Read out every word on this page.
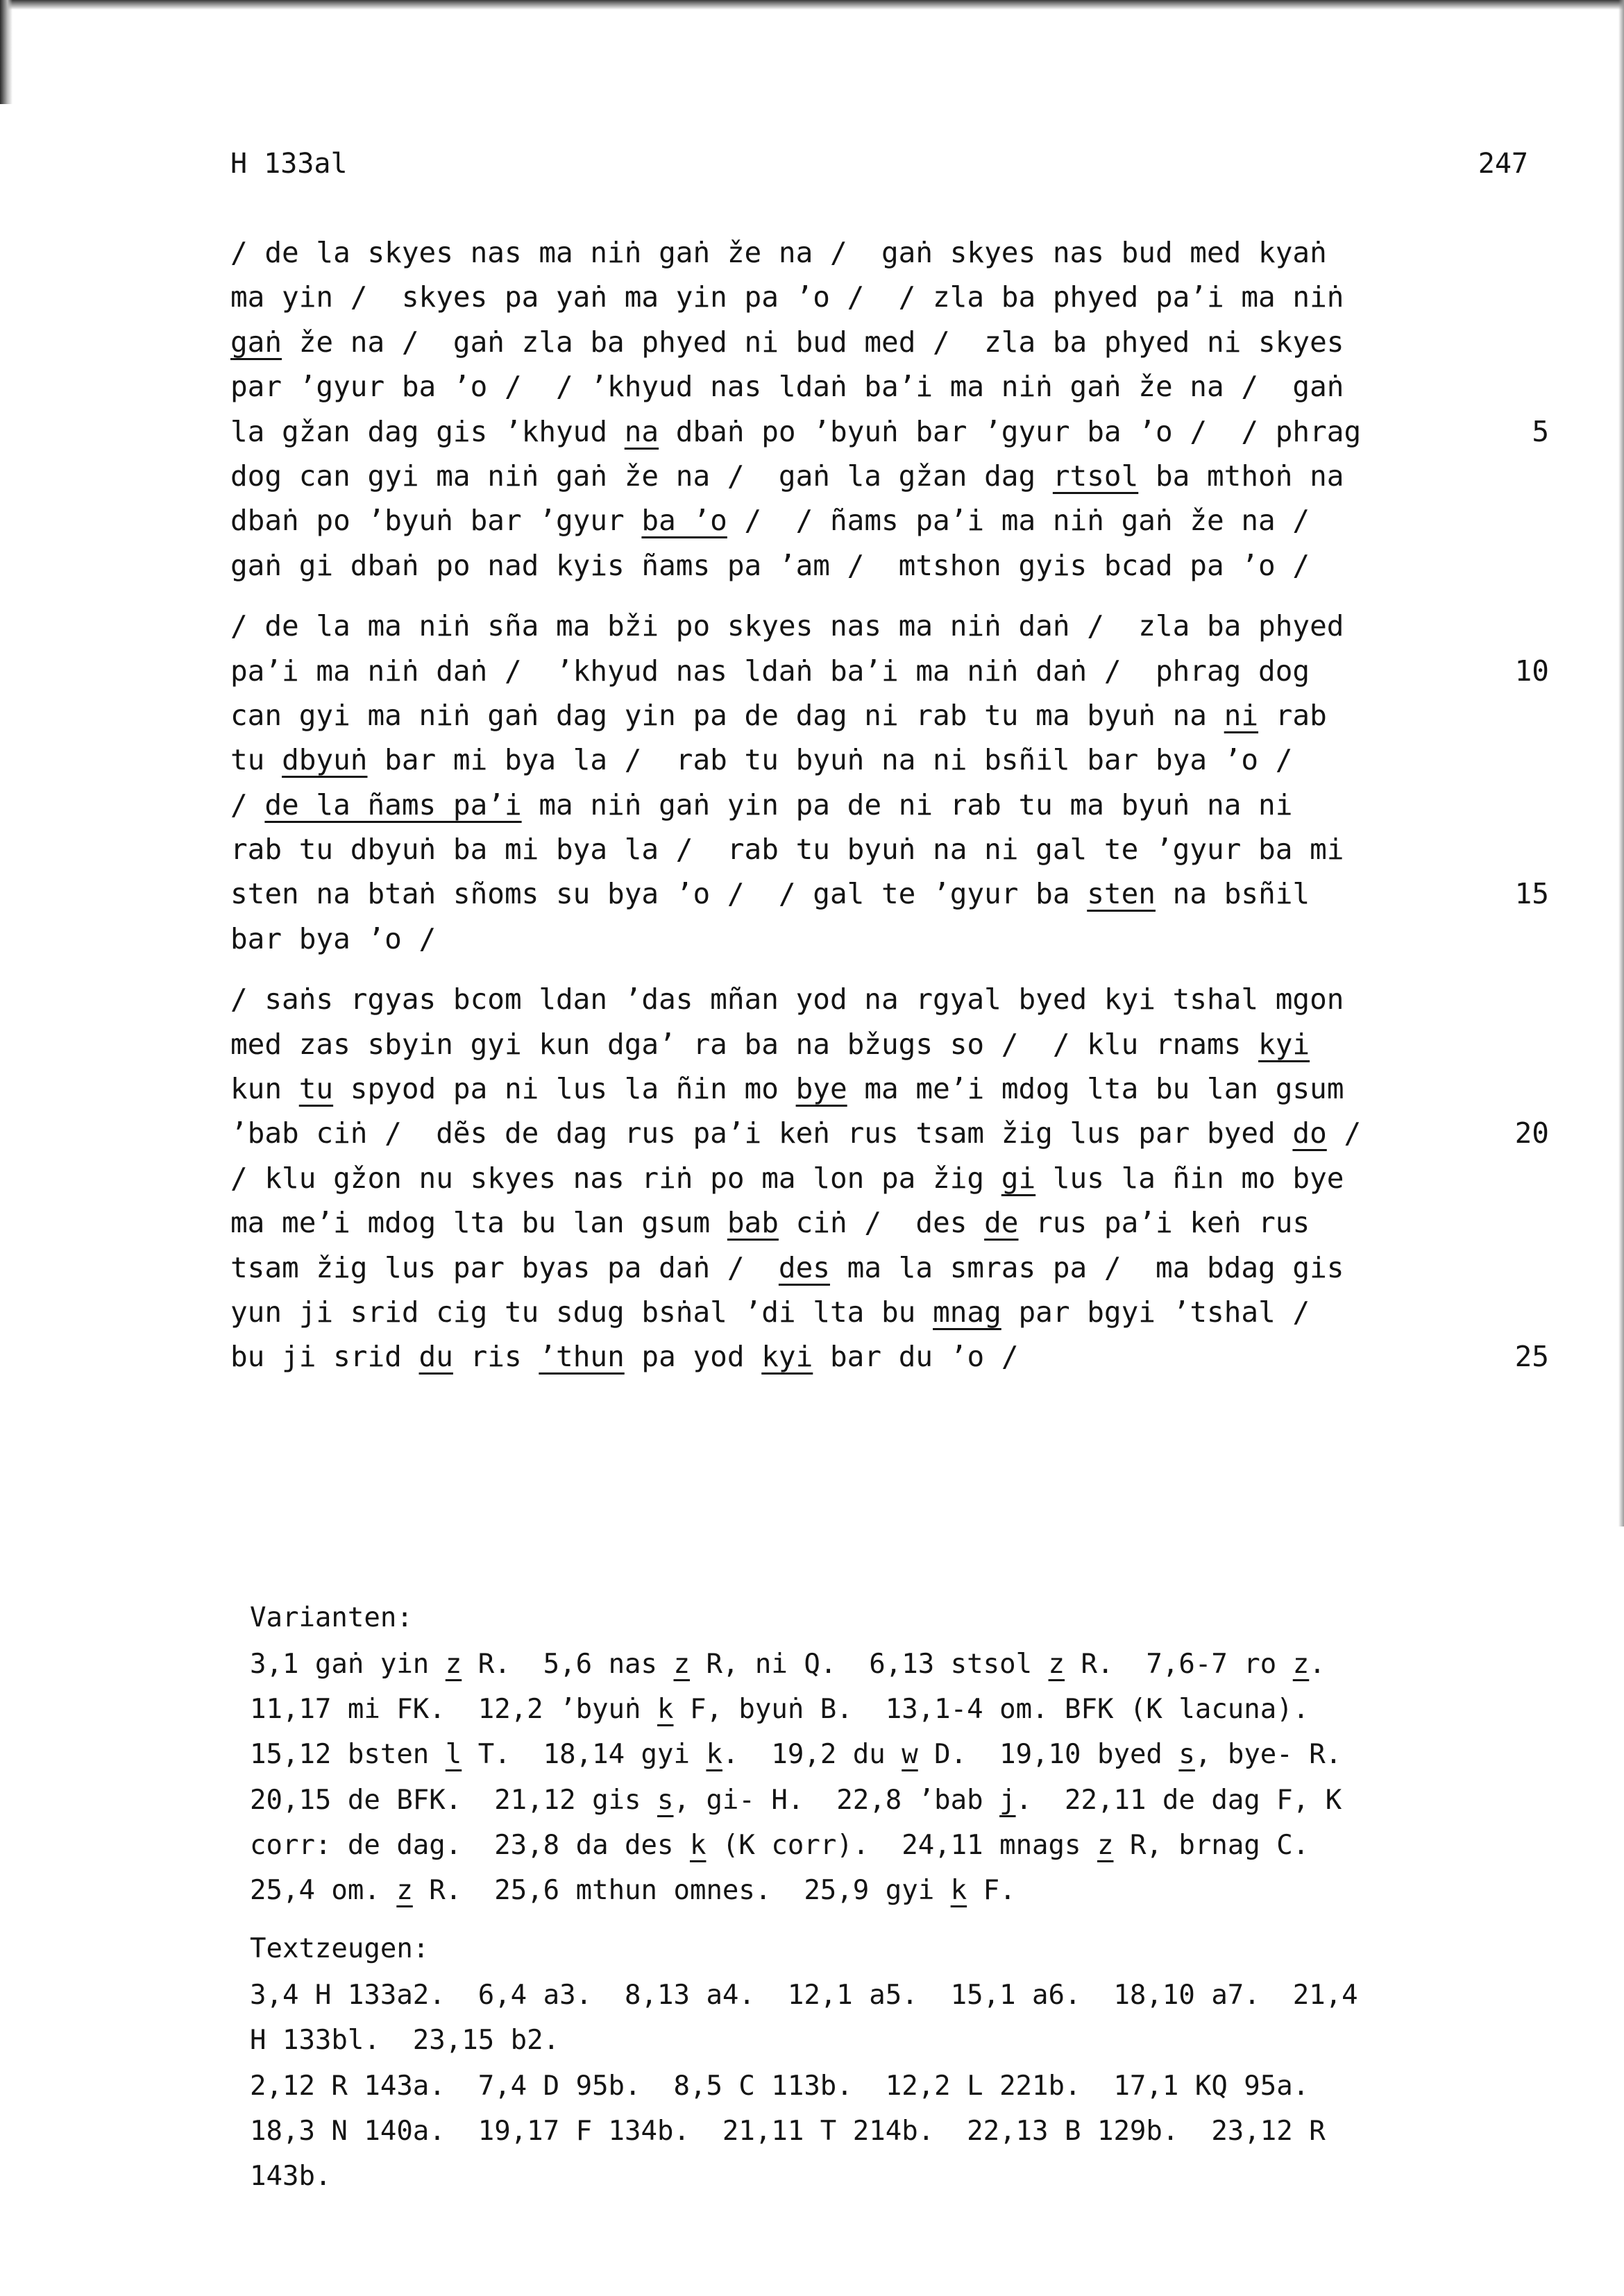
H 133al	247
/ de la skyes nas ma niṅ gaṅ že na /  gaṅ skyes nas bud med kyaṅ
ma yin /  skyes pa yaṅ ma yin pa ’o /  / zla ba phyed pa’i ma niṅ
gaṅ že na /  gaṅ zla ba phyed ni bud med /  zla ba phyed ni skyes
par ’gyur ba ’o /  / ’khyud nas ldaṅ ba’i ma niṅ gaṅ že na /  gaṅ
la gžan dag gis ’khyud na dbaṅ po ’byuṅ bar ’gyur ba ’o /  / phrag	5
dog can gyi ma niṅ gaṅ že na /  gaṅ la gžan dag rtsol ba mthoṅ na
dbaṅ po ’byuṅ bar ’gyur ba ’o /  / ñams pa’i ma niṅ gaṅ že na /
gaṅ gi dbaṅ po nad kyis ñams pa ’am /  mtshon gyis bcad pa ’o /
/ de la ma niṅ sña ma bži po skyes nas ma niṅ daṅ /  zla ba phyed
pa’i ma niṅ daṅ /  ’khyud nas ldaṅ ba’i ma niṅ daṅ /  phrag dog	10
can gyi ma niṅ gaṅ dag yin pa de dag ni rab tu ma byuṅ na ni rab
tu dbyuṅ bar mi bya la /  rab tu byuṅ na ni bsñil bar bya ’o /
/ de la ñams pa’i ma niṅ gaṅ yin pa de ni rab tu ma byuṅ na ni
rab tu dbyuṅ ba mi bya la /  rab tu byuṅ na ni gal te ’gyur ba mi
sten na btaṅ sñoms su bya ’o /  / gal te ’gyur ba sten na bsñil	15
bar bya ’o /
/ saṅs rgyas bcom ldan ’das mñan yod na rgyal byed kyi tshal mgon
med zas sbyin gyi kun dga’ ra ba na bžugs so /  / klu rnams kyi
kun tu spyod pa ni lus la ñin mo bye ma me’i mdog lta bu lan gsum
’bab ciṅ /  dẽs de dag rus pa’i keṅ rus tsam žig lus par byed do /	20
/ klu gžon nu skyes nas riṅ po ma lon pa žig gi lus la ñin mo bye
ma me’i mdog lta bu lan gsum bab ciṅ /  des de rus pa’i keṅ rus
tsam žig lus par byas pa daṅ /  des ma la smras pa /  ma bdag gis
yun ji srid cig tu sdug bsṅal ’di lta bu mnag par bgyi ’tshal /
bu ji srid du ris ’thun pa yod kyi bar du ’o /	25
Varianten:
3,1 gaṅ yin z R.  5,6 nas z R, ni Q.  6,13 stsol z R.  7,6-7 ro z.
11,17 mi FK.  12,2 ’byuṅ k F, byuṅ B.  13,1-4 om. BFK (K lacuna).
15,12 bsten l T.  18,14 gyi k.  19,2 du w D.  19,10 byed s, bye- R.
20,15 de BFK.  21,12 gis s, gi- H.  22,8 ’bab j.  22,11 de dag F, K
corr: de dag.  23,8 da des k (K corr).  24,11 mnags z R, brnag C.
25,4 om. z R.  25,6 mthun omnes.  25,9 gyi k F.
Textzeugen:
3,4 H 133a2.  6,4 a3.  8,13 a4.  12,1 a5.  15,1 a6.  18,10 a7.  21,4
H 133bl.  23,15 b2.
2,12 R 143a.  7,4 D 95b.  8,5 C 113b.  12,2 L 221b.  17,1 KQ 95a.
18,3 N 140a.  19,17 F 134b.  21,11 T 214b.  22,13 B 129b.  23,12 R
143b.
